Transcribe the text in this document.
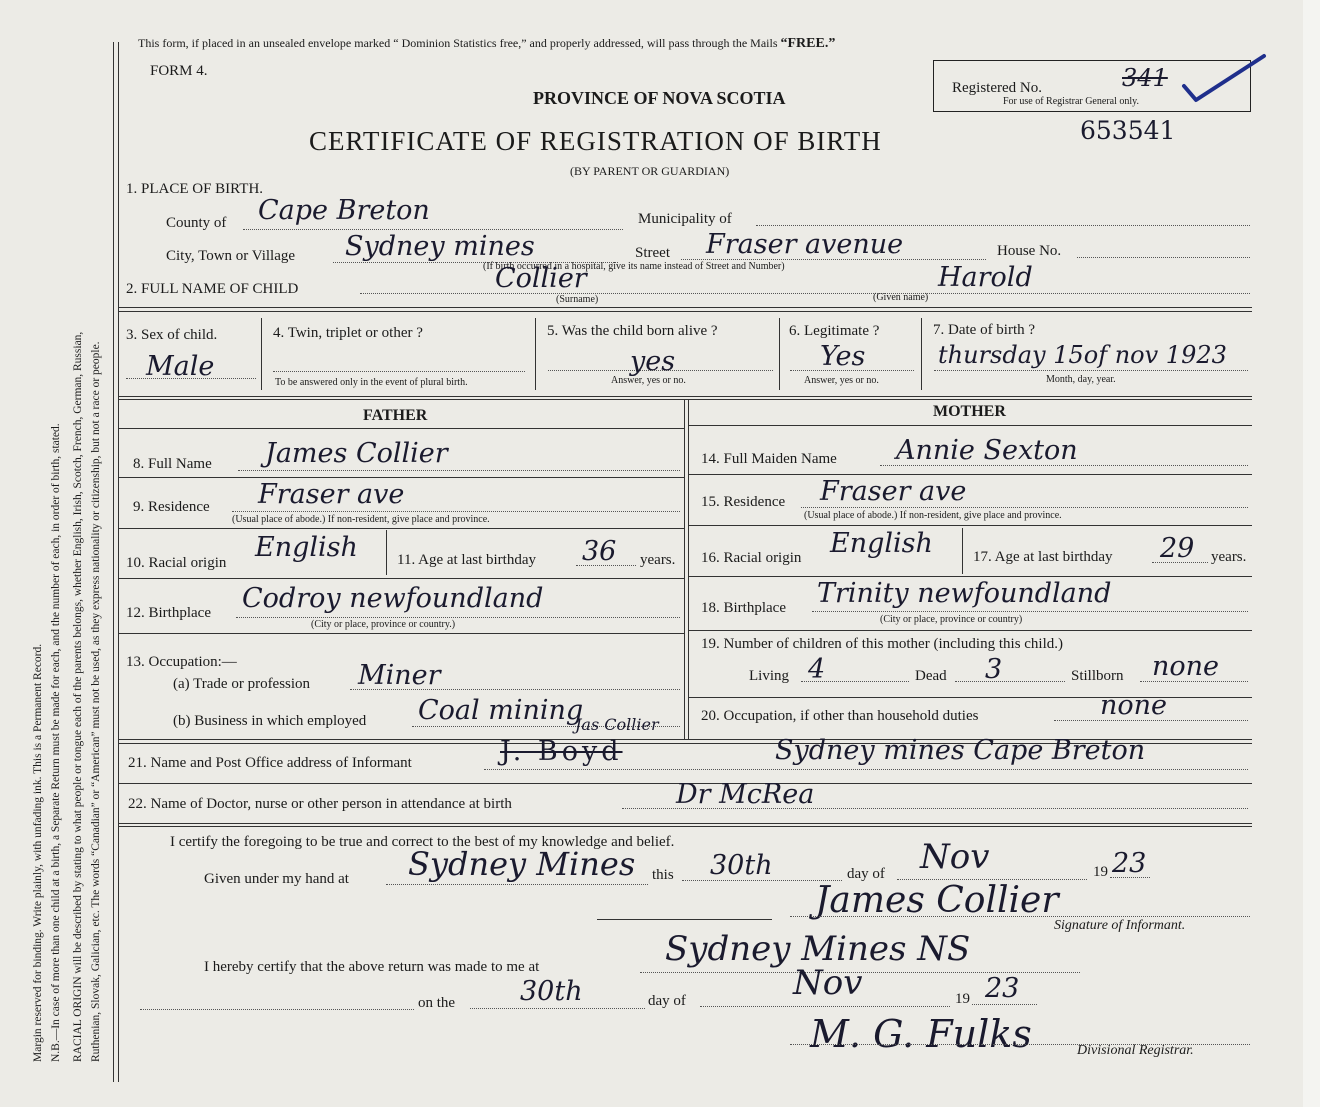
Margin reserved for binding. Write plainly, with unfading ink. This is a Permanent Record. N.B.—In case of more than one child at a birth, a Separate Return must be made for each, and the number of each, in order of birth, stated. RACIAL ORIGIN will be described by stating to what people or tongue each of the parents belongs, whether English, Irish, Scotch, French, German, Russian, Ruthenian, Slovak, Galician, etc. The words “Canadian” or “American” must not be used, as they express nationality or citizenship, but not a race or people.
This form, if placed in an unsealed envelope marked “ Dominion Statistics free,” and properly addressed, will pass through the Mails “FREE.”
FORM 4.
PROVINCE OF NOVA SCOTIA
CERTIFICATE OF REGISTRATION OF BIRTH
(BY PARENT OR GUARDIAN)
Registered No.	341
For use of Registrar General only.
653541
1. PLACE OF BIRTH.
County of Cape Breton	Municipality of
City, Town or Village Sydney mines	Street Fraser avenue	House No.
(If birth occurred in a hospital, give its name instead of Street and Number)
2. FULL NAME OF CHILD	Collier
(Surname)
Harold
(Given name)
3. Sex of child.
Male
4. Twin, triplet or other ?
To be answered only in the event of plural birth.
5. Was the child born alive ?
yes
Answer, yes or no.
6. Legitimate ?
Yes
Answer, yes or no.
7. Date of birth ?
thursday 15of nov 1923
Month, day, year.
FATHER	MOTHER
8. Full Name James Collier	14. Full Maiden Name Annie Sexton
9. Residence Fraser ave
(Usual place of abode.) If non-resident, give place and province.
15. Residence Fraser ave
(Usual place of abode.) If non-resident, give place and province.
10. Racial origin English	11. Age at last birthday 36 years. 16. Racial origin English	17. Age at last birthday 29 years.
12. Birthplace Codroy newfoundland
(City or place, province or country.)
18. Birthplace Trinity newfoundland
(City or place, province or country)
13. Occupation:—
(a) Trade or profession Miner
(b) Business in which employed Coal mining
19. Number of children of this mother (including this child.)
Living 4	Dead 3	Stillborn none
20. Occupation, if other than household duties	none
21. Name and Post Office address of Informant	J. Boyd
Jas Collier
Sydney mines Cape Breton
22. Name of Doctor, nurse or other person in attendance at birth	Dr McRea
I certify the foregoing to be true and correct to the best of my knowledge and belief.
Given under my hand at Sydney Mines this 30th	day of Nov	19 23
James Collier
Signature of Informant.
I hereby certify that the above return was made to me at	Sydney Mines NS
on the 30th	day of	Nov	19 23
M. G. Fulks	Divisional Registrar.
